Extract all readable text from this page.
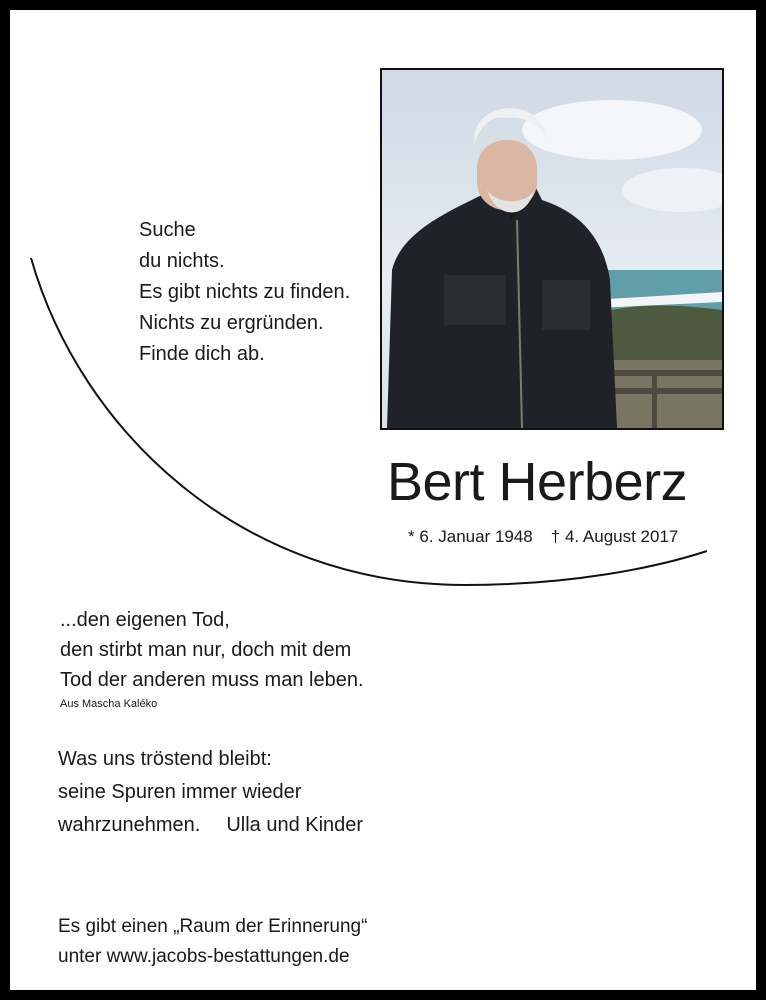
Suche
du nichts.
Es gibt nichts zu finden.
Nichts zu ergründen.
Finde dich ab.
Bert Herberz
* 6. Januar 1948 † 4. August 2017
...den eigenen Tod,
den stirbt man nur, doch mit dem
Tod der anderen muss man leben.
Aus Mascha Kaléko
Was uns tröstend bleibt:
seine Spuren immer wieder
wahrzunehmen. Ulla und Kinder
Es gibt einen „Raum der Erinnerung“
unter www.jacobs-bestattungen.de
